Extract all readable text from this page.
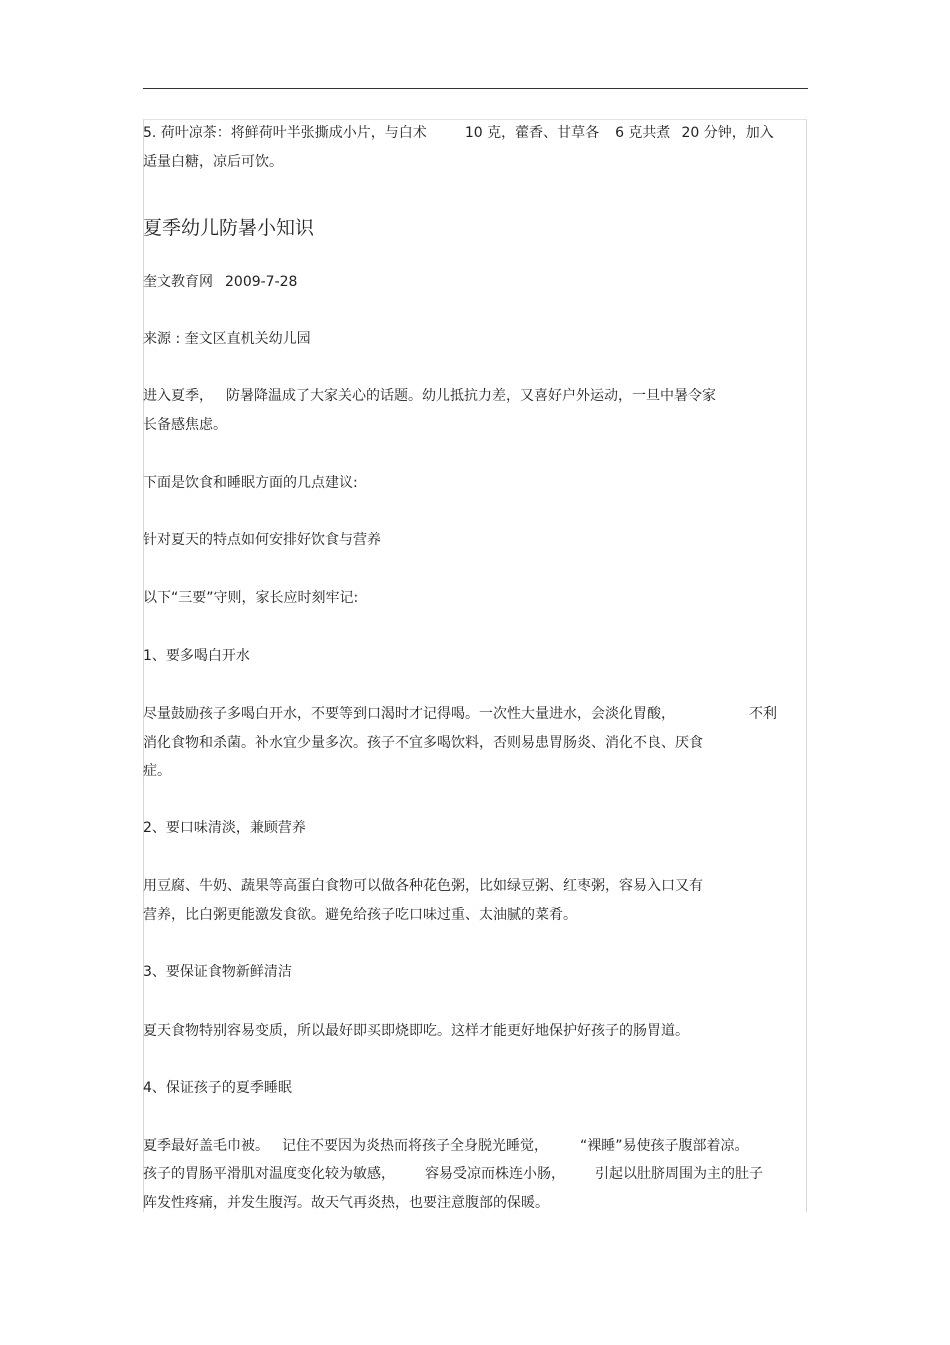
5. 荷叶凉茶：将鲜荷叶半张撕成小片，与白术	10 克，藿香、甘草各 6 克共煮 20 分钟，加入
适量白糖，凉后可饮。
夏季幼儿防暑小知识
奎文教育网 2009-7-28
来源 : 奎文区直机关幼儿园
进入夏季， 防暑降温成了大家关心的话题。幼儿抵抗力差，又喜好户外运动，一旦中暑令家
长备感焦虑。
下面是饮食和睡眠方面的几点建议:
针对夏天的特点如何安排好饮食与营养
以下“三要”守则，家长应时刻牢记:
1、要多喝白开水
尽量鼓励孩子多喝白开水，不要等到口渴时才记得喝。一次性大量进水，会淡化胃酸，	不利
消化食物和杀菌。补水宜少量多次。孩子不宜多喝饮料，否则易患胃肠炎、消化不良、厌食
症。
2、要口味清淡，兼顾营养
用豆腐、牛奶、蔬果等高蛋白食物可以做各种花色粥，比如绿豆粥、红枣粥，容易入口又有
营养，比白粥更能激发食欲。避免给孩子吃口味过重、太油腻的菜肴。
3、要保证食物新鲜清洁
夏天食物特别容易变质，所以最好即买即烧即吃。这样才能更好地保护好孩子的肠胃道。
4、保证孩子的夏季睡眠
夏季最好盖毛巾被。 记住不要因为炎热而将孩子全身脱光睡觉， “裸睡”易使孩子腹部着凉。
孩子的胃肠平滑肌对温度变化较为敏感， 容易受凉而株连小肠， 引起以肚脐周围为主的肚子
阵发性疼痛，并发生腹泻。故天气再炎热，也要注意腹部的保暖。
